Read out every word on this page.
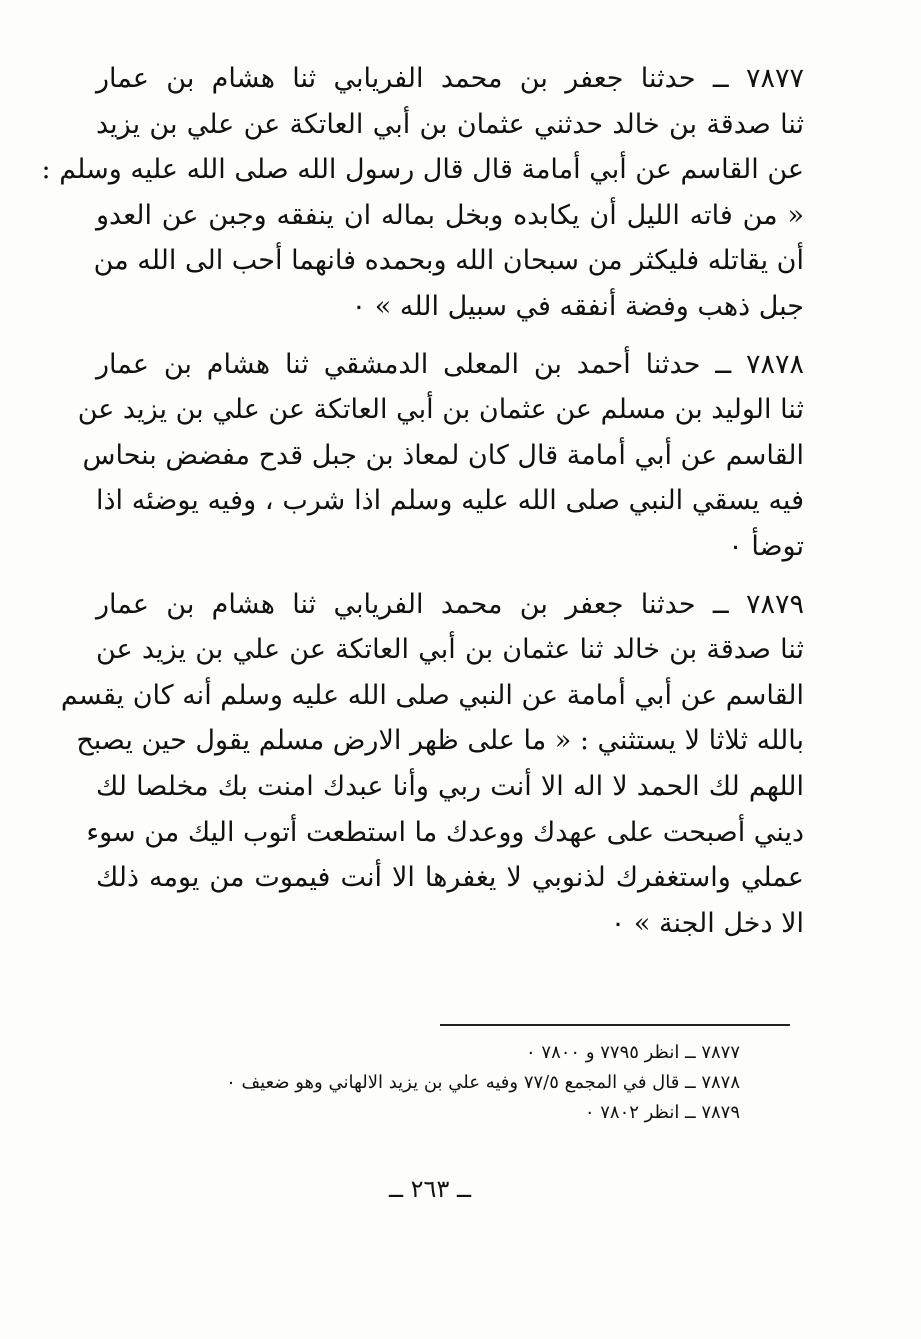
٧٨٧٧ ــ حدثنا جعفر بن محمد الفريابي ثنا هشام بن عمار
ثنا صدقة بن خالد حدثني عثمان بن أبي العاتكة عن علي بن يزيد
عن القاسم عن أبي أمامة قال قال رسول الله صلى الله عليه وسلم :
« من فاته الليل أن يكابده وبخل بماله ان ينفقه وجبن عن العدو
أن يقاتله فليكثر من سبحان الله وبحمده فانهما أحب الى الله من
جبل ذهب وفضة أنفقه في سبيل الله » ٠
٧٨٧٨ ــ حدثنا أحمد بن المعلى الدمشقي ثنا هشام بن عمار
ثنا الوليد بن مسلم عن عثمان بن أبي العاتكة عن علي بن يزيد عن
القاسم عن أبي أمامة قال كان لمعاذ بن جبل قدح مفضض بنحاس
فيه يسقي النبي صلى الله عليه وسلم اذا شرب ، وفيه يوضئه اذا
توضأ ٠
٧٨٧٩ ــ حدثنا جعفر بن محمد الفريابي ثنا هشام بن عمار
ثنا صدقة بن خالد ثنا عثمان بن أبي العاتكة عن علي بن يزيد عن
القاسم عن أبي أمامة عن النبي صلى الله عليه وسلم أنه كان يقسم
بالله ثلاثا لا يستثني : « ما على ظهر الارض مسلم يقول حين يصبح
اللهم لك الحمد لا اله الا أنت ربي وأنا عبدك امنت بك مخلصا لك
ديني أصبحت على عهدك ووعدك ما استطعت أتوب اليك من سوء
عملي واستغفرك لذنوبي لا يغفرها الا أنت فيموت من يومه ذلك
الا دخل الجنة » ٠
٧٨٧٧ ــ انظر ٧٧٩٥ و ٧٨٠٠ ٠
٧٨٧٨ ــ قال في المجمع ٧٧/٥ وفيه علي بن يزيد الالهاني وهو ضعيف ٠
٧٨٧٩ ــ انظر ٧٨٠٢ ٠
ــ ٢٦٣ ــ
